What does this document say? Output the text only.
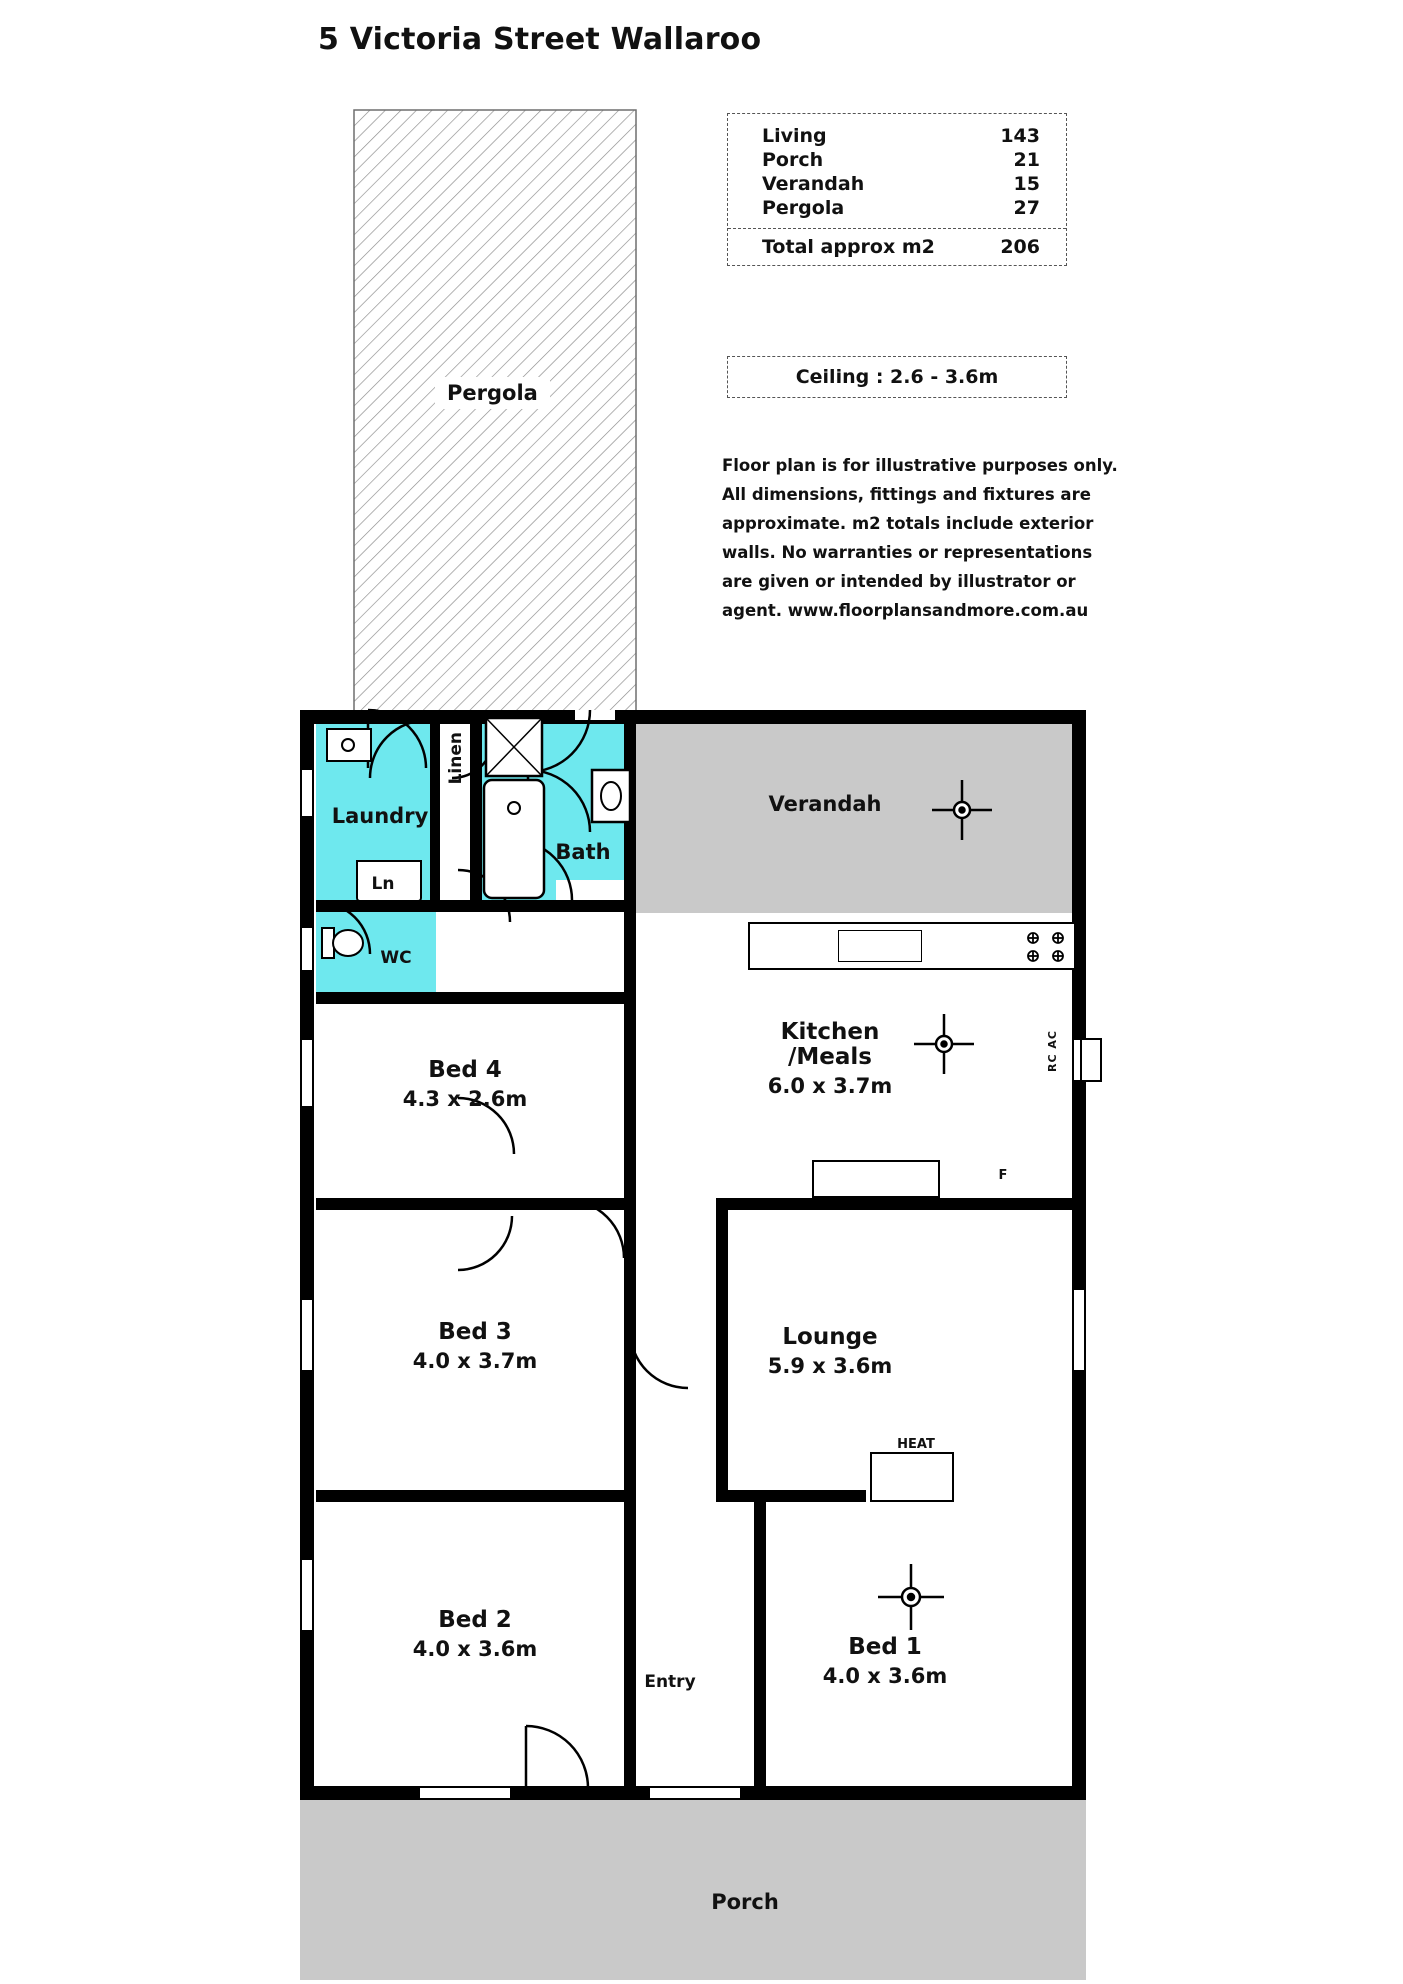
5 Victoria Street Wallaroo
Living	143
Porch	21
Verandah	15
Pergola	27
Total approx m2	206
Ceiling : 2.6 - 3.6m
Floor plan is for illustrative purposes only. All dimensions, fittings and fixtures are approximate. m2 totals include exterior walls. No warranties or representations are given or intended by illustrator or agent. www.floorplansandmore.com.au
Pergola
F
HEAT
RC AC
Laundry
Linen
Ln
Bath
WC
Verandah
Porch
Kitchen
/Meals
6.0 x 3.7m
Lounge
5.9 x 3.6m
Bed 1
4.0 x 3.6m
Bed 2
4.0 x 3.6m
Bed 3
4.0 x 3.7m
Bed 4
4.3 x 2.6m
Entry
